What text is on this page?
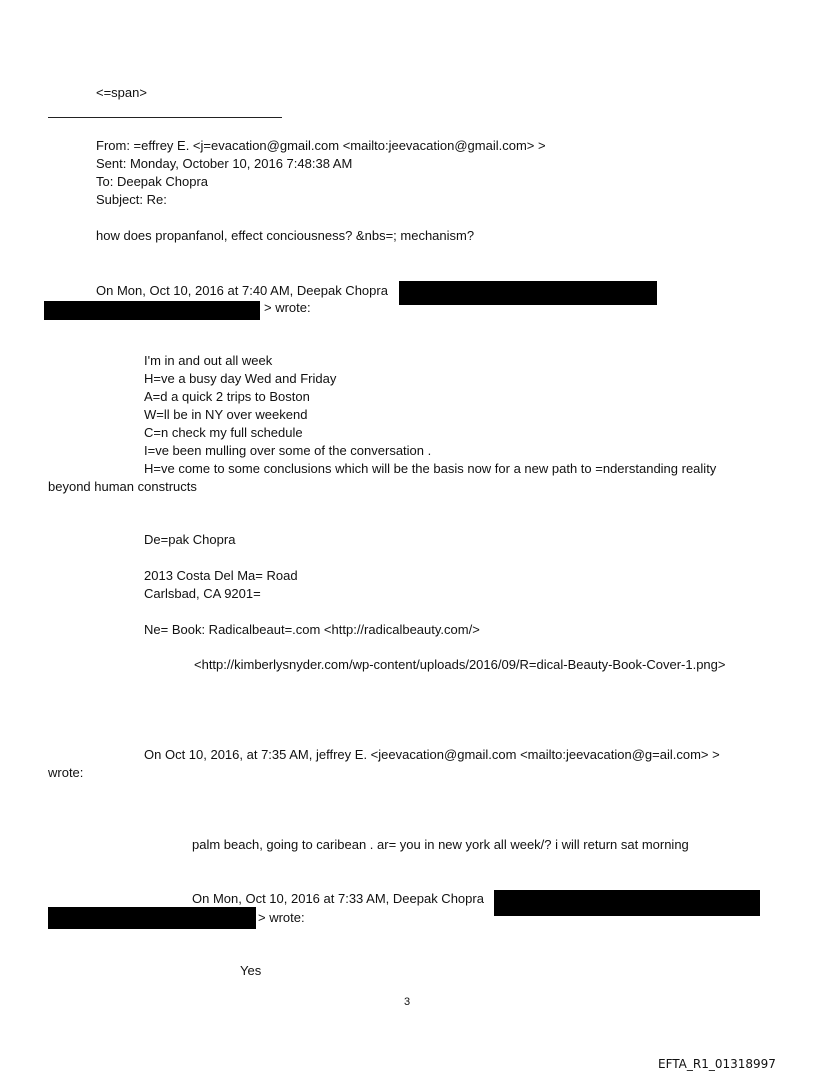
<=span>
From: =effrey E. <j=evacation@gmail.com <mailto:jeevacation@gmail.com> >
Sent: Monday, October 10, 2016 7:48:38 AM
To: Deepak Chopra
Subject: Re:
how does propanfanol, effect conciousness? &nbs=; mechanism?
On Mon, Oct 10, 2016 at 7:40 AM, Deepak Chopra
> wrote:
I'm in and out all week
H=ve a busy day Wed and Friday
A=d a quick 2 trips to Boston
W=ll be in NY over weekend
C=n check my full schedule
I=ve been mulling over some of the conversation .
H=ve come to some conclusions which will be the basis now for a new path to =nderstanding reality
beyond human constructs
De=pak Chopra
2013 Costa Del Ma= Road
Carlsbad, CA 9201=
Ne= Book: Radicalbeaut=.com <http://radicalbeauty.com/>
<http://kimberlysnyder.com/wp-content/uploads/2016/09/R=dical-Beauty-Book-Cover-1.png>
On Oct 10, 2016, at 7:35 AM, jeffrey E. <jeevacation@gmail.com <mailto:jeevacation@g=ail.com> >
wrote:
palm beach, going to caribean . ar= you in new york all week/? i will return sat morning
On Mon, Oct 10, 2016 at 7:33 AM, Deepak Chopra
> wrote:
Yes
3
EFTA_R1_01318997
